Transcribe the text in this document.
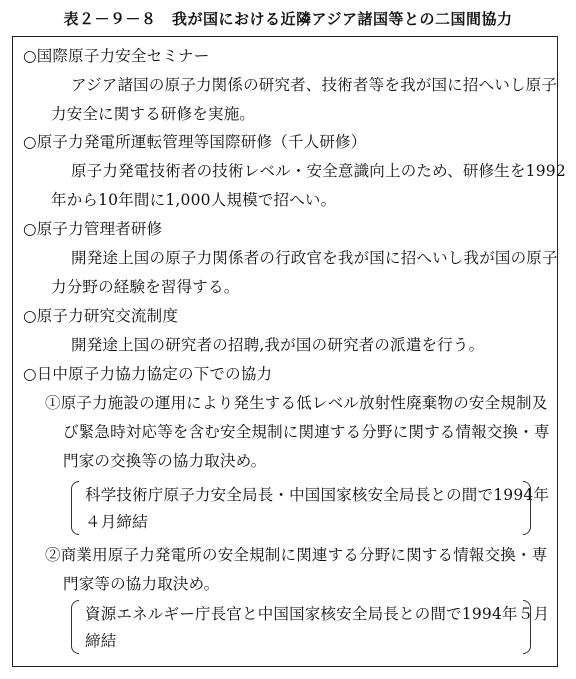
表２－９－８　我が国における近隣アジア諸国等との二国間協力
○国際原子力安全セミナー
アジア諸国の原子力関係の研究者、技術者等を我が国に招へいし原子
力安全に関する研修を実施。
○原子力発電所運転管理等国際研修（千人研修）
原子力発電技術者の技術レベル・安全意識向上のため、研修生を1992
年から10年間に1,000人規模で招へい。
○原子力管理者研修
開発途上国の原子力関係者の行政官を我が国に招へいし我が国の原子
力分野の経験を習得する。
○原子力研究交流制度
開発途上国の研究者の招聘,我が国の研究者の派遣を行う。
○日中原子力協力協定の下での協力
①原子力施設の運用により発生する低レベル放射性廃棄物の安全規制及
び緊急時対応等を含む安全規制に関連する分野に関する情報交換・専
門家の交換等の協力取決め。
科学技術庁原子力安全局長・中国国家核安全局長との間で1994年
４月締結
②商業用原子力発電所の安全規制に関連する分野に関する情報交換・専
門家等の協力取決め。
資源エネルギー庁長官と中国国家核安全局長との間で1994年５月
締結
